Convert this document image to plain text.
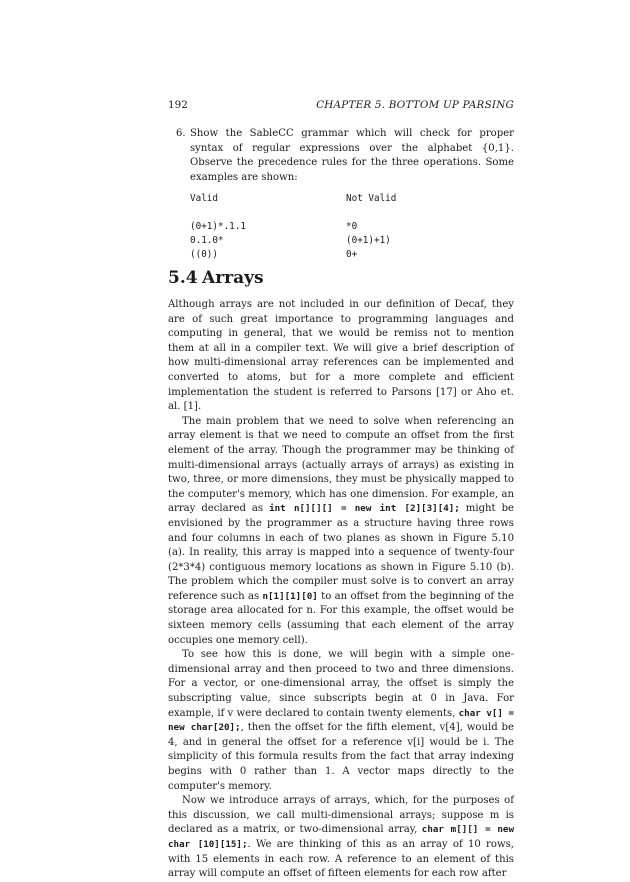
192	CHAPTER 5. BOTTOM UP PARSING
6. Show the SableCC grammar which will check for proper syntax of regular expressions over the alphabet {0,1}. Observe the precedence rules for the three operations. Some examples are shown:
Valid
(0+1)*.1.1
0.1.0*
((0))
Not Valid
*0
(0+1)+1)
0+
5.4 Arrays

Although arrays are not included in our definition of Decaf, they are of such great importance to programming languages and computing in general, that we would be remiss not to mention them at all in a compiler text. We will give a brief description of how multi-dimensional array references can be implemented and converted to atoms, but for a more complete and efficient implementation the student is referred to Parsons [17] or Aho et. al. [1].

The main problem that we need to solve when referencing an array element is that we need to compute an offset from the first element of the array. Though the programmer may be thinking of multi-dimensional arrays (actually arrays of arrays) as existing in two, three, or more dimensions, they must be physically mapped to the computer's memory, which has one dimension. For example, an array declared as int n[][][] = new int [2][3][4]; might be envisioned by the programmer as a structure having three rows and four columns in each of two planes as shown in Figure 5.10 (a). In reality, this array is mapped into a sequence of twenty-four (2*3*4) contiguous memory locations as shown in Figure 5.10 (b). The problem which the compiler must solve is to convert an array reference such as n[1][1][0] to an offset from the beginning of the storage area allocated for n. For this example, the offset would be sixteen memory cells (assuming that each element of the array occupies one memory cell).

To see how this is done, we will begin with a simple one-dimensional array and then proceed to two and three dimensions. For a vector, or one-dimensional array, the offset is simply the subscripting value, since subscripts begin at 0 in Java. For example, if v were declared to contain twenty elements, char v[] = new char[20];, then the offset for the fifth element, v[4], would be 4, and in general the offset for a reference v[i] would be i. The simplicity of this formula results from the fact that array indexing begins with 0 rather than 1. A vector maps directly to the computer's memory.

Now we introduce arrays of arrays, which, for the purposes of this discussion, we call multi-dimensional arrays; suppose m is declared as a matrix, or two-dimensional array, char m[][] = new char [10][15];. We are thinking of this as an array of 10 rows, with 15 elements in each row. A reference to an element of this array will compute an offset of fifteen elements for each row after
